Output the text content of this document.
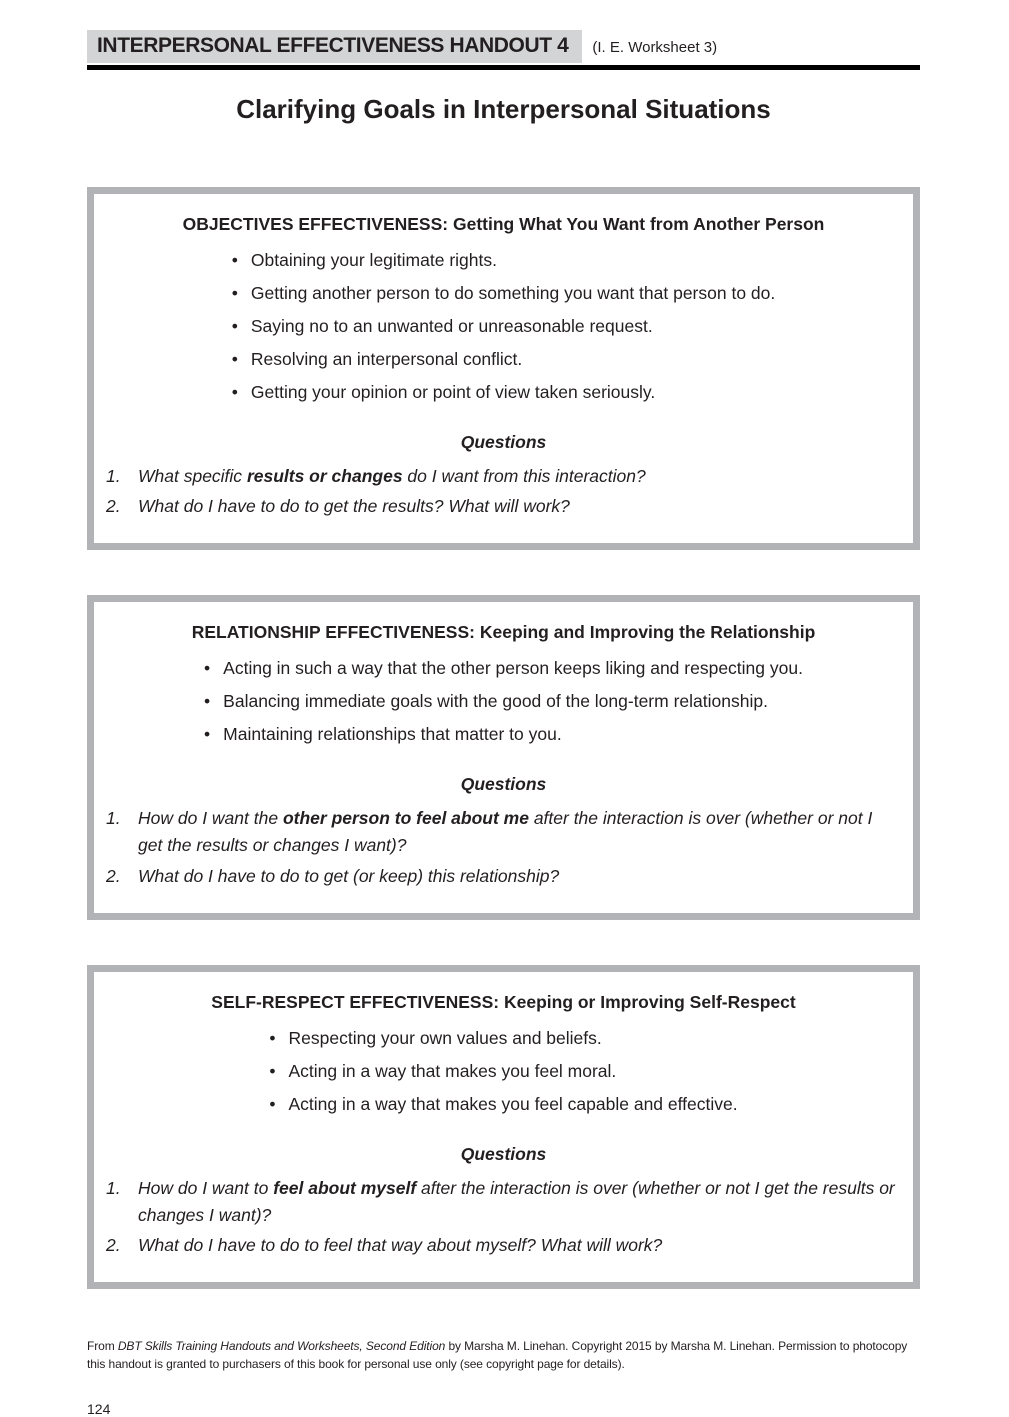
INTERPERSONAL EFFECTIVENESS HANDOUT 4	(I. E. Worksheet 3)
Clarifying Goals in Interpersonal Situations
OBJECTIVES EFFECTIVENESS: Getting What You Want from Another Person
• Obtaining your legitimate rights.
• Getting another person to do something you want that person to do.
• Saying no to an unwanted or unreasonable request.
• Resolving an interpersonal conflict.
• Getting your opinion or point of view taken seriously.
Questions
1. What specific results or changes do I want from this interaction?
2. What do I have to do to get the results? What will work?
RELATIONSHIP EFFECTIVENESS: Keeping and Improving the Relationship
• Acting in such a way that the other person keeps liking and respecting you.
• Balancing immediate goals with the good of the long-term relationship.
• Maintaining relationships that matter to you.
Questions
1. How do I want the other person to feel about me after the interaction is over (whether or not I get the results or changes I want)?
2. What do I have to do to get (or keep) this relationship?
SELF-RESPECT EFFECTIVENESS: Keeping or Improving Self-Respect
• Respecting your own values and beliefs.
• Acting in a way that makes you feel moral.
• Acting in a way that makes you feel capable and effective.
Questions
1. How do I want to feel about myself after the interaction is over (whether or not I get the results or changes I want)?
2. What do I have to do to feel that way about myself? What will work?

From DBT Skills Training Handouts and Worksheets, Second Edition by Marsha M. Linehan. Copyright 2015 by Marsha M. Linehan. Permission to photocopy this handout is granted to purchasers of this book for personal use only (see copyright page for details).

124
